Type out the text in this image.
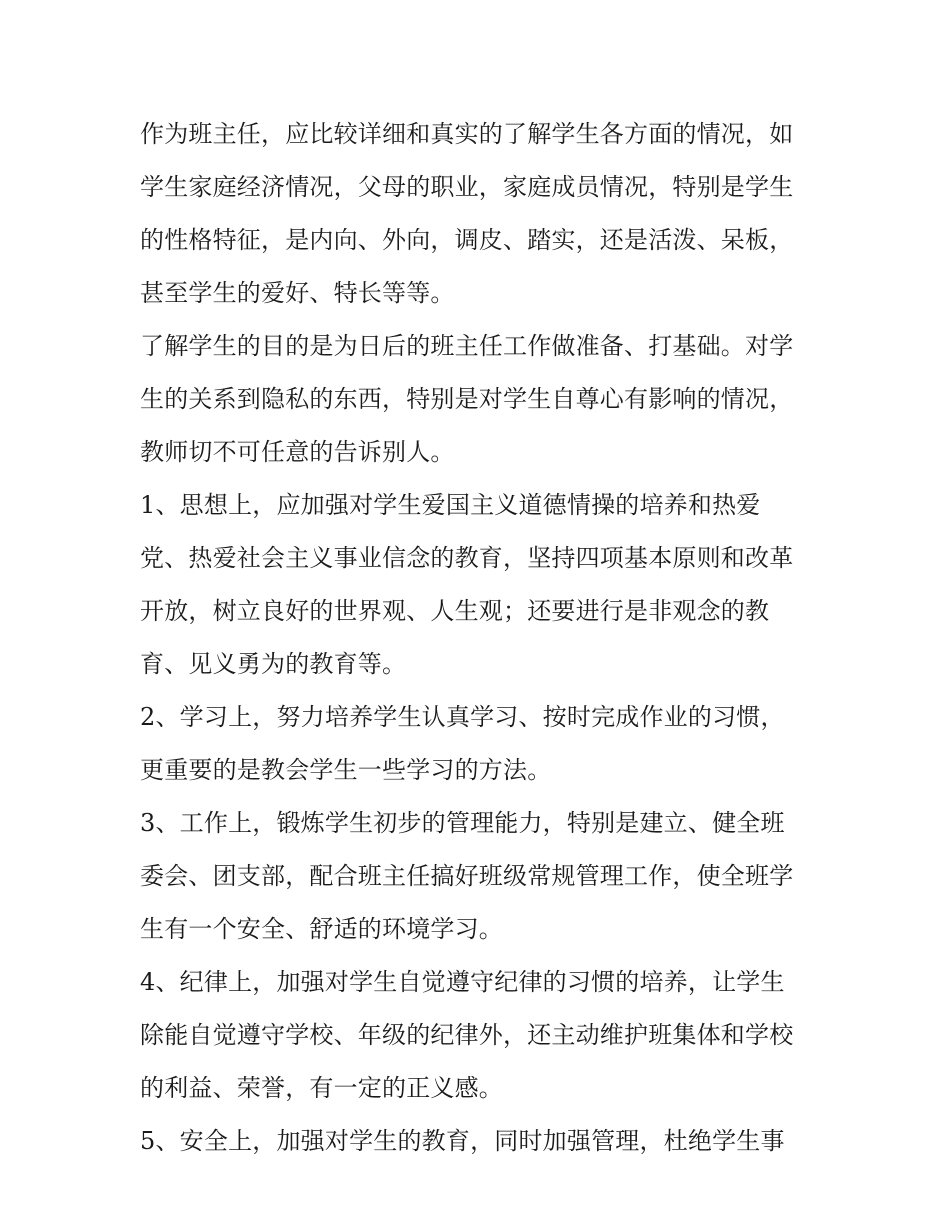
作为班主任，应比较详细和真实的了解学生各方面的情况，如
学生家庭经济情况，父母的职业，家庭成员情况，特别是学生
的性格特征，是内向、外向，调皮、踏实，还是活泼、呆板，
甚至学生的爱好、特长等等。
了解学生的目的是为日后的班主任工作做准备、打基础。对学
生的关系到隐私的东西，特别是对学生自尊心有影响的情况，
教师切不可任意的告诉别人。
1、思想上，应加强对学生爱国主义道德情操的培养和热爱
党、热爱社会主义事业信念的教育，坚持四项基本原则和改革
开放，树立良好的世界观、人生观；还要进行是非观念的教
育、见义勇为的教育等。
2、学习上，努力培养学生认真学习、按时完成作业的习惯，
更重要的是教会学生一些学习的方法。
3、工作上，锻炼学生初步的管理能力，特别是建立、健全班
委会、团支部，配合班主任搞好班级常规管理工作，使全班学
生有一个安全、舒适的环境学习。
4、纪律上，加强对学生自觉遵守纪律的习惯的培养，让学生
除能自觉遵守学校、年级的纪律外，还主动维护班集体和学校
的利益、荣誉，有一定的正义感。
5、安全上，加强对学生的教育，同时加强管理，杜绝学生事
